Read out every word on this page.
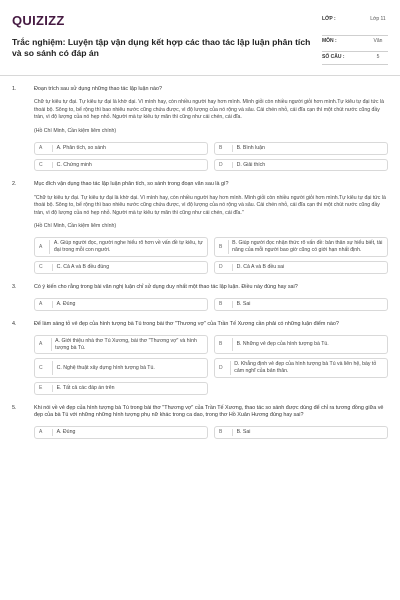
QUIZIZZ
Trắc nghiệm: Luyện tập vận dụng kết hợp các thao tác lập luận phân tích và so sánh có đáp án
LỚP :	Lớp 11
MÔN :	Văn
SỐ CÂU :	5
1.	Đoạn trích sau sử dụng những thao tác lập luận nào?
Chữ tự kiêu tự đại. Tự kiêu tự đại là khờ dại. Vì mình hay, còn nhiều người hay hơn mình. Mình giỏi còn nhiều người giỏi hơn mình.Tự kiêu tự đại tức là thoái bộ. Sông to, bể rộng thì bao nhiêu nước cũng chứa được, vì độ lượng của nó rộng và sâu. Cái chén nhỏ, cái đĩa cạn thì một chút nước cũng đầy tràn, vì độ lượng của nó hẹp nhỏ. Người mà tự kiêu tự mãn thì cũng như cái chén, cái đĩa.
(Hồ Chí Minh, Cần kiệm liêm chính)
A	A. Phân tích, so sánh	B	B. Bình luận
C	C. Chứng minh	D	D. Giải thích
2.	Mục đích vận dụng thao tác lập luận phân tích, so sánh trong đoạn văn sau là gì?
"Chữ tự kiêu tự đại. Tự kiêu tự đại là khờ dại. Vì mình hay, còn nhiều người hay hơn mình. Mình giỏi còn nhiều người giỏi hơn mình.Tự kiêu tự đại tức là thoái bộ. Sông to, bể rộng thì bao nhiêu nước cũng chứa được, vì độ lượng của nó rộng và sâu. Cái chén nhỏ, cái đĩa cạn thì một chút nước cũng đầy tràn, vì độ lượng của nó hẹp nhỏ. Người mà tự kiêu tự mãn thì cũng như cái chén, cái đĩa."
(Hồ Chí Minh, Cần kiệm liêm chính)
A
A. Giúp người đọc, người nghe hiểu rõ hơn về vấn đề tự kiêu, tự đại trong mỗi con người.
B
B. Giúp người đọc nhận thức rõ vấn đề: bản thân sự hiểu biết, tài năng của mỗi người bao giờ cũng có giới hạn nhất định.
C	C. Cả A và B đều đúng	D	D. Cả A và B đều sai
3.	Có ý kiến cho rằng trong bài văn nghị luận chỉ sử dụng duy nhất một thao tác lập luận. Điều này đúng hay sai?
A	A. Đúng	B	B. Sai
4.	Để làm sáng tỏ vẻ đẹp của hình tượng bà Tú trong bài thơ "Thương vợ" của Trần Tế Xương cần phải có những luận điểm nào?
A
A. Giới thiệu nhà thơ Tú Xương, bài thơ "Thương vợ" và hình tượng bà Tú.
B	B. Những vẻ đẹp của hình tượng bà Tú.
C	C. Nghệ thuật xây dựng hình tượng bà Tú.	D
D. Khẳng định vẻ đẹp của hình tượng bà Tú và liên hệ, bày tỏ cảm nghĩ của bản thân.
E	E. Tất cả các đáp án trên
5.	Khi nói về vẻ đẹp của hình tượng bà Tú trong bài thơ "Thương vợ" của Trần Tế Xương, thao tác so sánh được dùng để chỉ ra tương đồng giữa vẻ đẹp của bà Tú với những những hình tượng phụ nữ khác trong ca dao, trong thơ Hồ Xuân Hương đúng hay sai?
A	A. Đúng	B	B. Sai
